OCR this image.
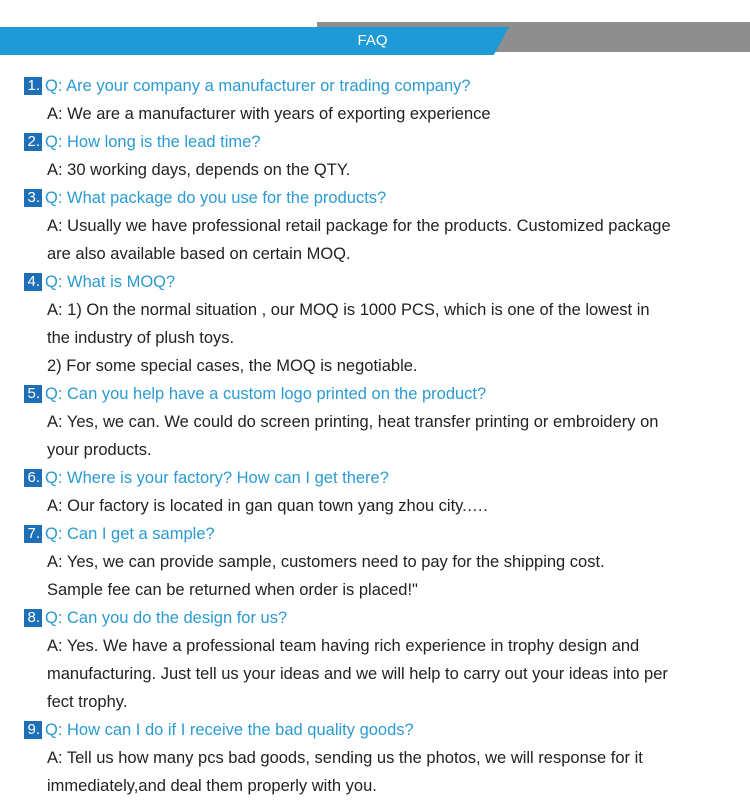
FAQ
1. Q: Are your company a manufacturer or trading company?
A: We are a manufacturer with years of exporting experience
2. Q: How long is the lead time?
A: 30 working days, depends on the QTY.
3. Q: What package do you use for the products?
A: Usually we have professional retail package for the products. Customized package
are also available based on certain MOQ.
4. Q: What is MOQ?
A: 1) On the normal situation , our MOQ is 1000 PCS, which is one of the lowest in
the industry of plush toys.
2) For some special cases, the MOQ is negotiable.
5. Q: Can you help have a custom logo printed on the product?
A: Yes, we can. We could do screen printing, heat transfer printing or embroidery on
your products.
6. Q: Where is your factory? How can I get there?
A: Our factory is located in gan quan town yang zhou city.….
7. Q: Can I get a sample?
A: Yes, we can provide sample, customers need to pay for the shipping cost.
Sample fee can be returned when order is placed!"
8. Q: Can you do the design for us?
A: Yes. We have a professional team having rich experience in trophy design and
manufacturing. Just tell us your ideas and we will help to carry out your ideas into per
fect trophy.
9. Q: How can I do if I receive the bad quality goods?
A: Tell us how many pcs bad goods, sending us the photos, we will response for it
immediately,and deal them properly with you.
